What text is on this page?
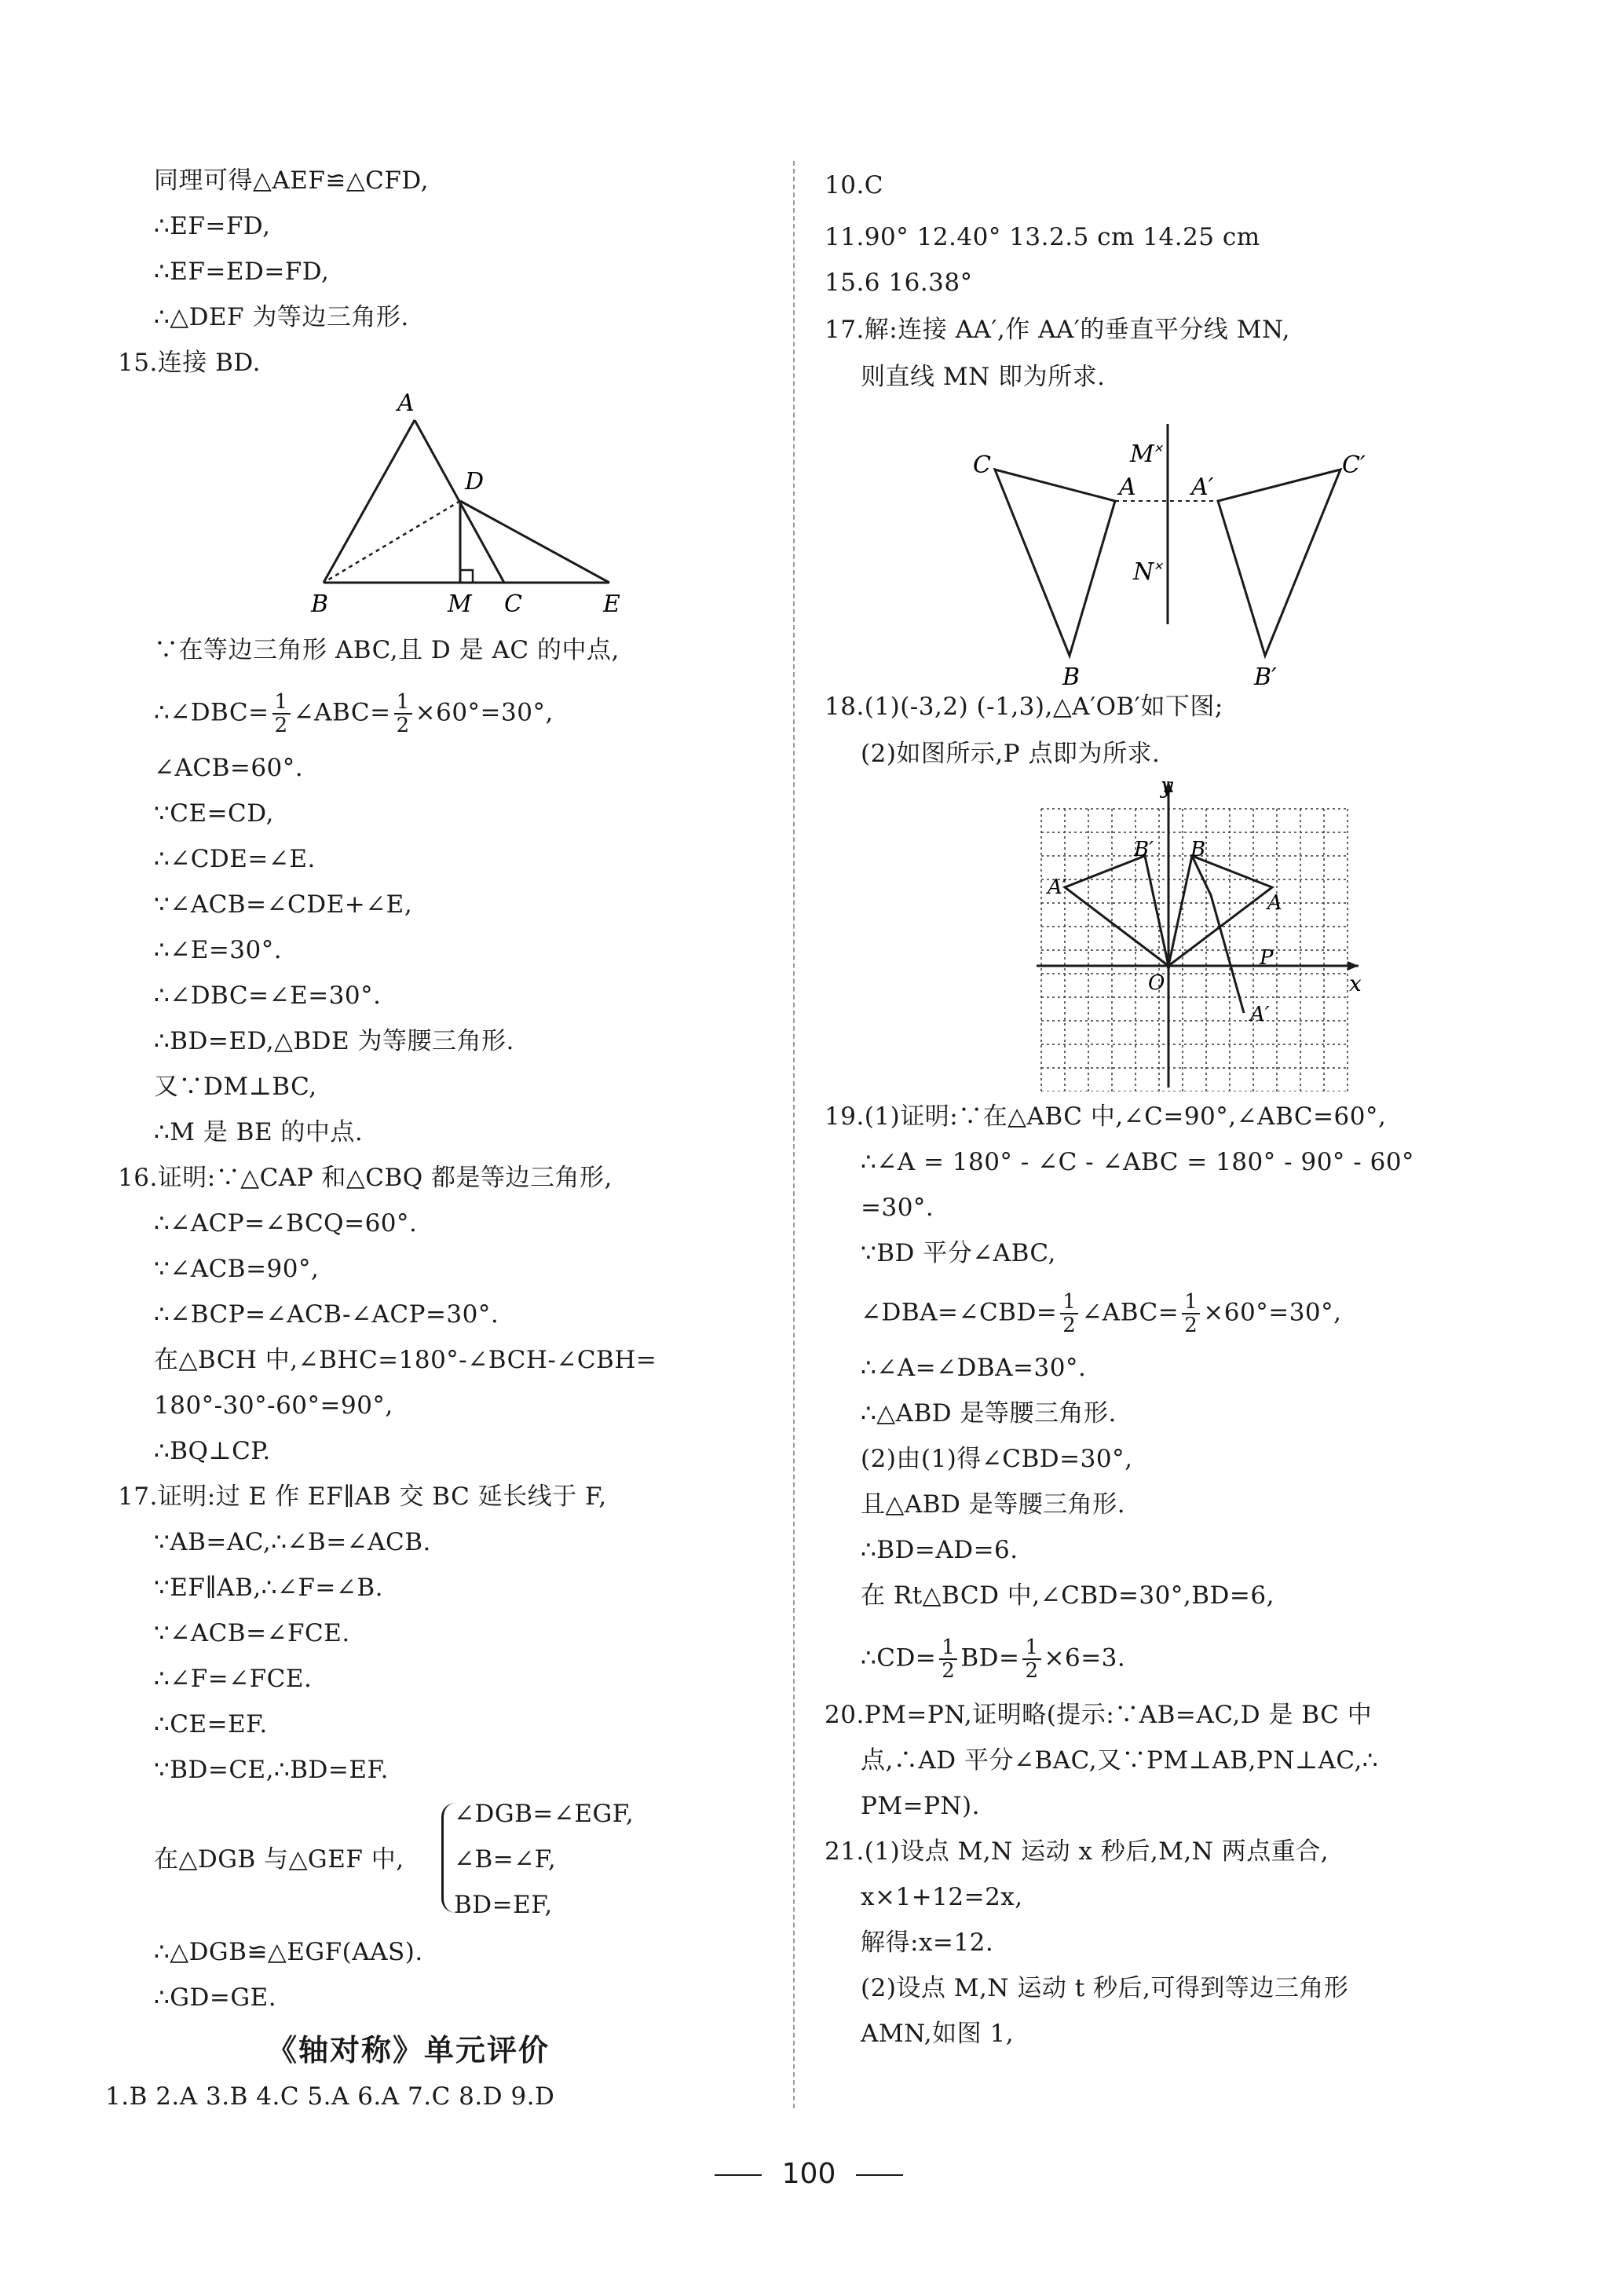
同理可得△AEF≌△CFD,
∴EF=FD,
∴EF=ED=FD,
∴△DEF 为等边三角形.
15.连接 BD.
A
D
B	M C	E
∵在等边三角形 ABC,且 D 是 AC 的中点,
∴∠DBC= $\frac{1}{2}$ ∠ABC= $\frac{1}{2} \times 60^\circ=30^\circ$,
∠ACB=60°.
∵CE=CD,
∴∠CDE=∠E.
∵∠ACB=∠CDE+∠E,
∴∠E=30°.
∴∠DBC=∠E=30°.
∴BD=ED,△BDE 为等腰三角形.
又∵DM⊥BC,
∴M 是 BE 的中点.
16.证明:∵△CAP 和△CBQ 都是等边三角形,
∴∠ACP=∠BCQ=60°.
∵∠ACB=90°,
∴∠BCP=∠ACB-∠ACP=30°.
在△BCH 中,∠BHC=180°-∠BCH-∠CBH=
180°-30°-60°=90°,
∴BQ⊥CP.
17.证明:过 E 作 EF∥AB 交 BC 延长线于 F,
∵AB=AC,∴∠B=∠ACB.
∵EF∥AB,∴∠F=∠B.
∵∠ACB=∠FCE.
∴∠F=∠FCE.
∴CE=EF.
∵BD=CE,∴BD=EF.
在△DGB 与△GEF 中,
∠DGB=∠EGF,
∠B=∠F,
BD=EF,
∴△DGB≌△EGF(AAS).
∴GD=GE.
《轴对称》单元评价
1.B 2.A 3.B 4.C 5.A 6.A 7.C 8.D 9.D
10.C
11.90° 12.40° 13.2.5 cm 14.25 cm
15.6 16.38°
17.解:连接 AA′,作 AA′的垂直平分线 MN,
则直线 MN 即为所求.
✕
✕
M
N
C
A
B
A′
C′
B′
18.(1)(-3,2) (-1,3),△A′OB′如下图;
(2)如图所示,P 点即为所求.
y
x
O
B′ B
A′
A
P
A′
19.(1)证明:∵在△ABC 中,∠C=90°,∠ABC=60°,
∴∠A = 180° - ∠C - ∠ABC = 180° - 90° - 60°
=30°.
∵BD 平分∠ABC,
∠DBA=∠CBD= $\frac{1}{2}$ ∠ABC= $\frac{1}{2} \times 60^\circ=30^\circ$,
∴∠A=∠DBA=30°.
∴△ABD 是等腰三角形.
(2)由(1)得∠CBD=30°,
且△ABD 是等腰三角形.
∴BD=AD=6.
在 Rt△BCD 中,∠CBD=30°,BD=6,
∴CD= $\frac{1}{2} BD= \frac{1}{2} \times 6=3$.
20.PM=PN,证明略(提示:∵AB=AC,D 是 BC 中
点,∴AD 平分∠BAC,又∵PM⊥AB,PN⊥AC,∴
PM=PN).
21.(1)设点 M,N 运动 x 秒后,M,N 两点重合,
x×1+12=2x,
解得:x=12.
(2)设点 M,N 运动 t 秒后,可得到等边三角形
AMN,如图 1,
100
